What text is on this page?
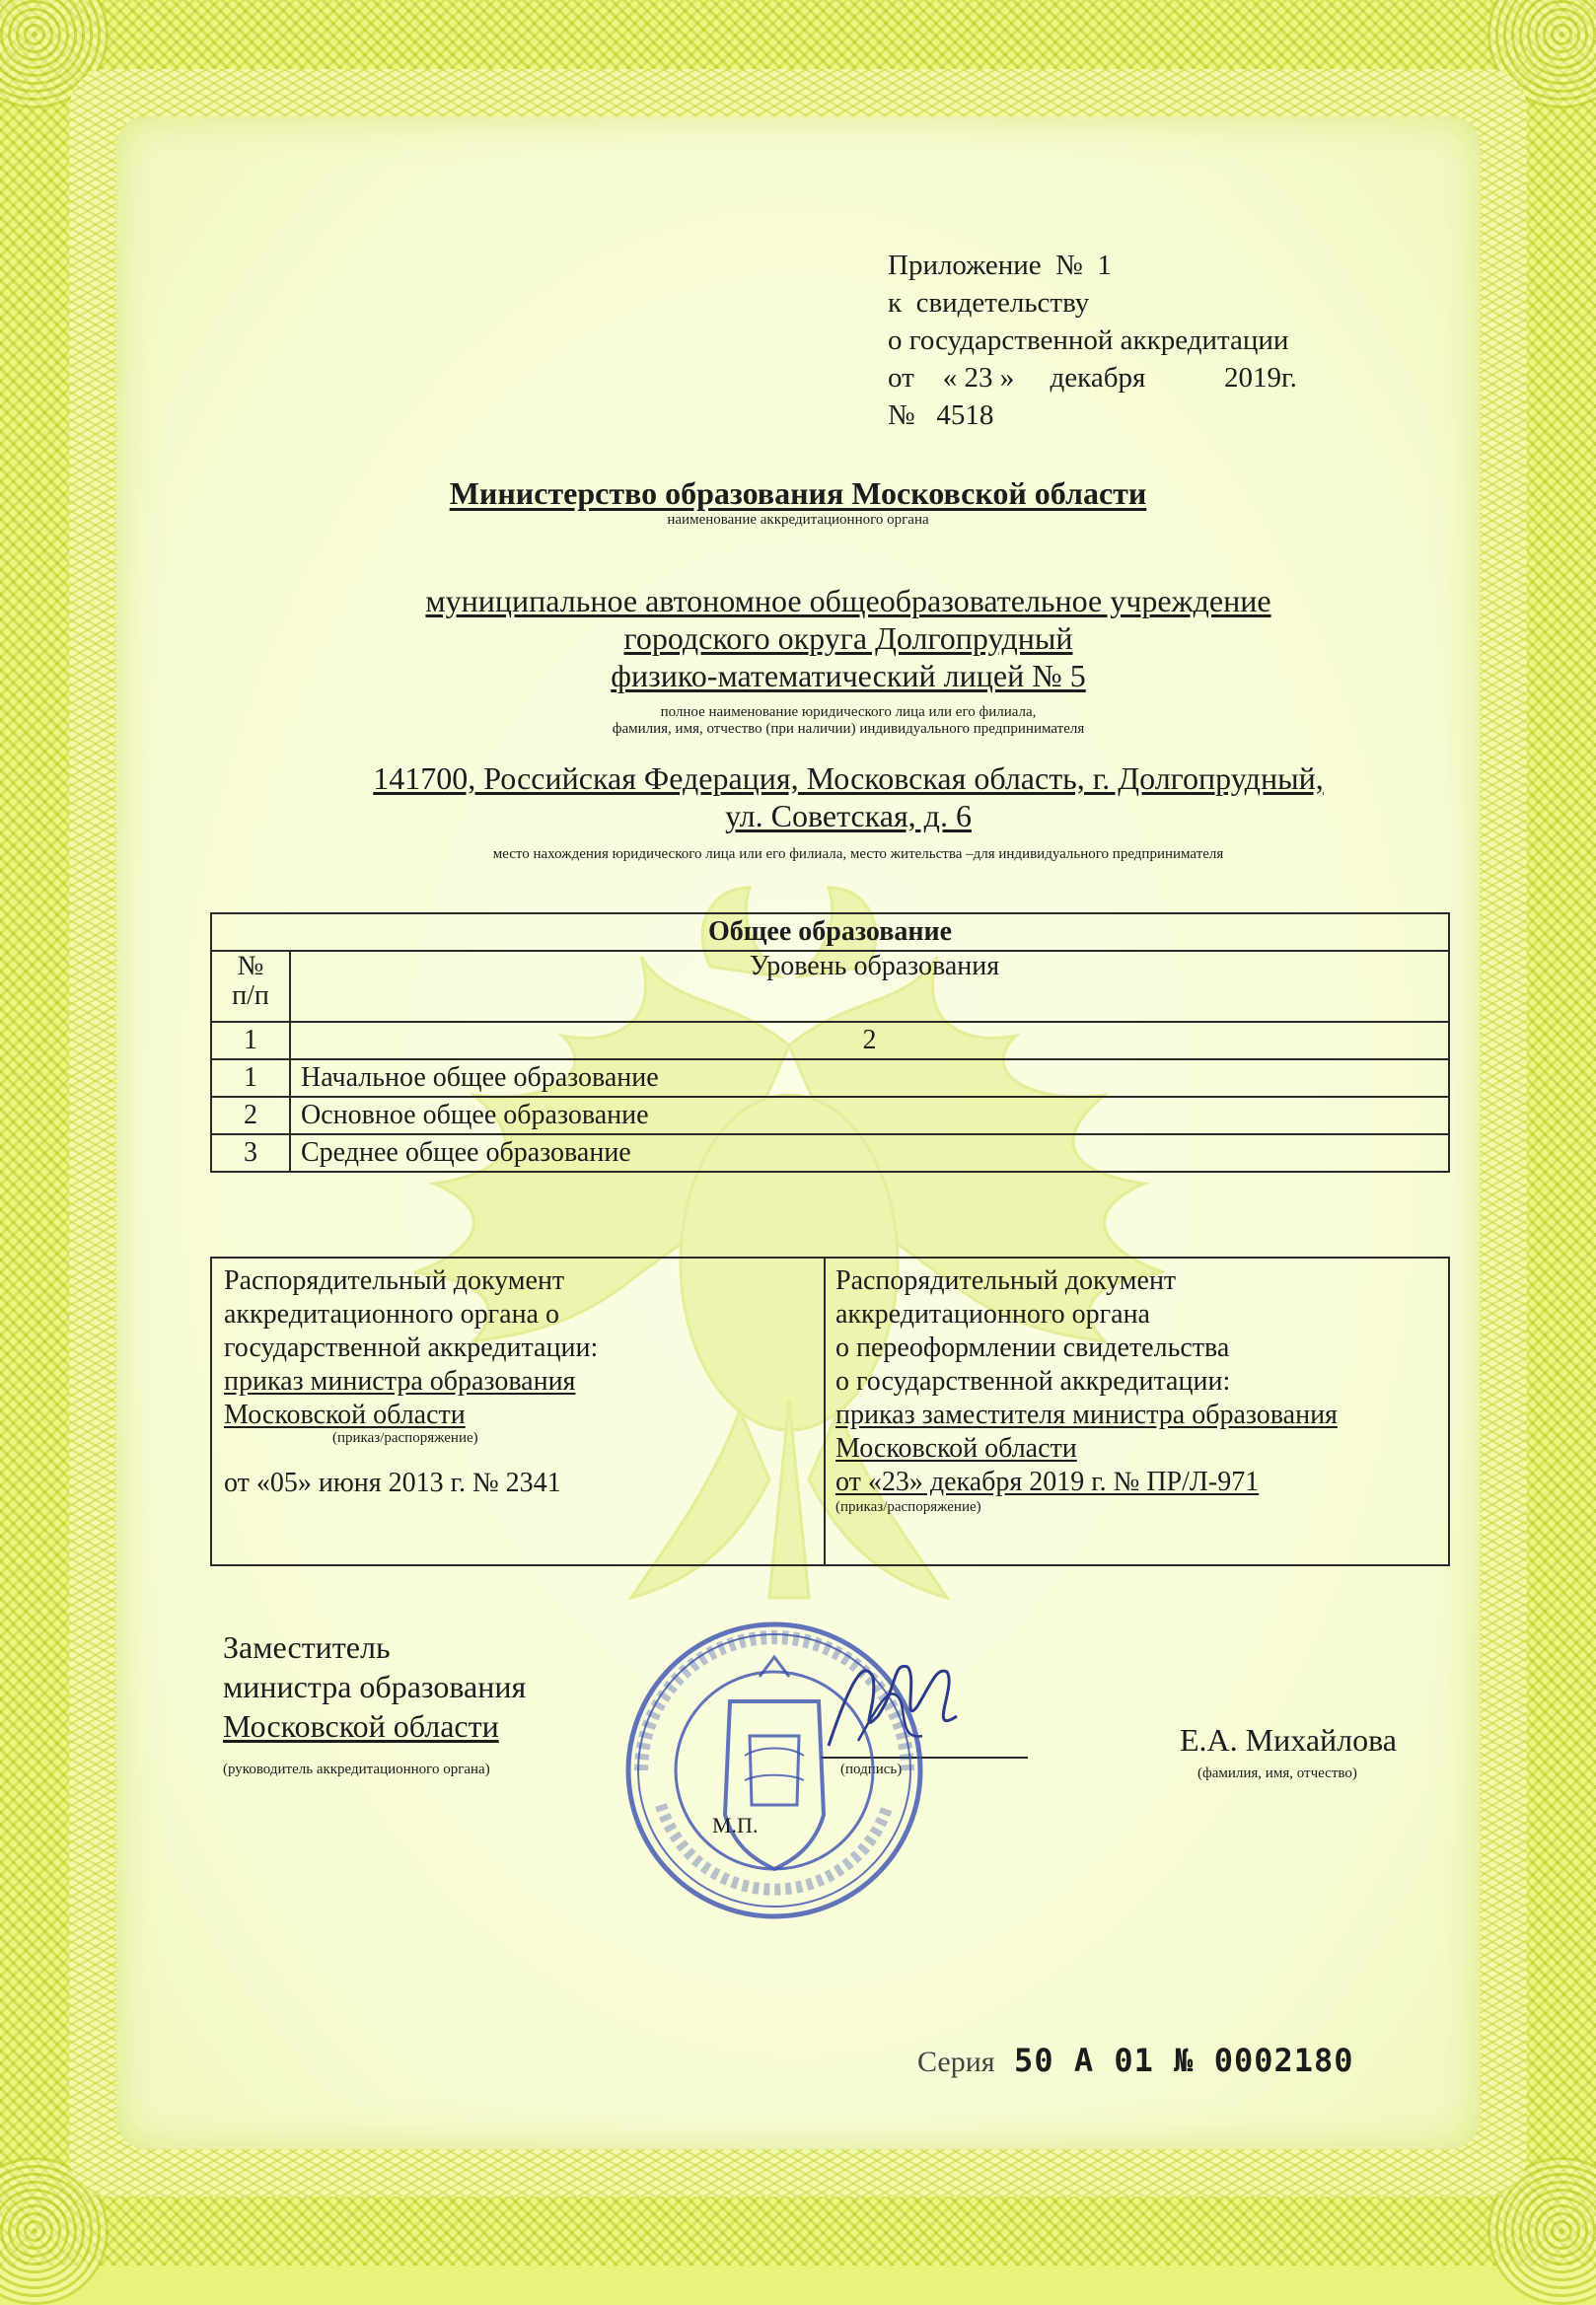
Приложение  №  1
к  свидетельству
о государственной аккредитации
от    « 23 »     декабря           2019г.
№   4518
Министерство образования Московской области
наименование аккредитационного органа
муниципальное автономное общеобразовательное учреждение
городского округа Долгопрудный
физико-математический лицей № 5
полное наименование юридического лица или его филиала,
фамилия, имя, отчество (при наличии) индивидуального предпринимателя
141700, Российская Федерация, Московская область, г. Долгопрудный,
ул. Советская, д. 6
место нахождения юридического лица или его филиала, место жительства –для индивидуального предпринимателя
Общее образование	
№
п/п	Уровень образования
1	2
1	Начальное общее образование
2	Основное общее образование
3	Среднее общее образование
Распорядительный документ
аккредитационного органа о
государственной аккредитации:
приказ министра образования
Московской области
(приказ/распоряжение)
от «05» июня 2013 г. № 2341
Распорядительный документ
аккредитационного органа
о переоформлении свидетельства
о государственной аккредитации:
приказ заместителя министра образования
Московской области
от «23» декабря 2019 г. № ПР/Л-971
(приказ/распоряжение)
Заместитель
министра образования
Московской области
(руководитель аккредитационного органа)	(подпись)
Е.А. Михайлова
(фамилия, имя, отчество)
М.П.
Серия 50 А 01 № 0002180
